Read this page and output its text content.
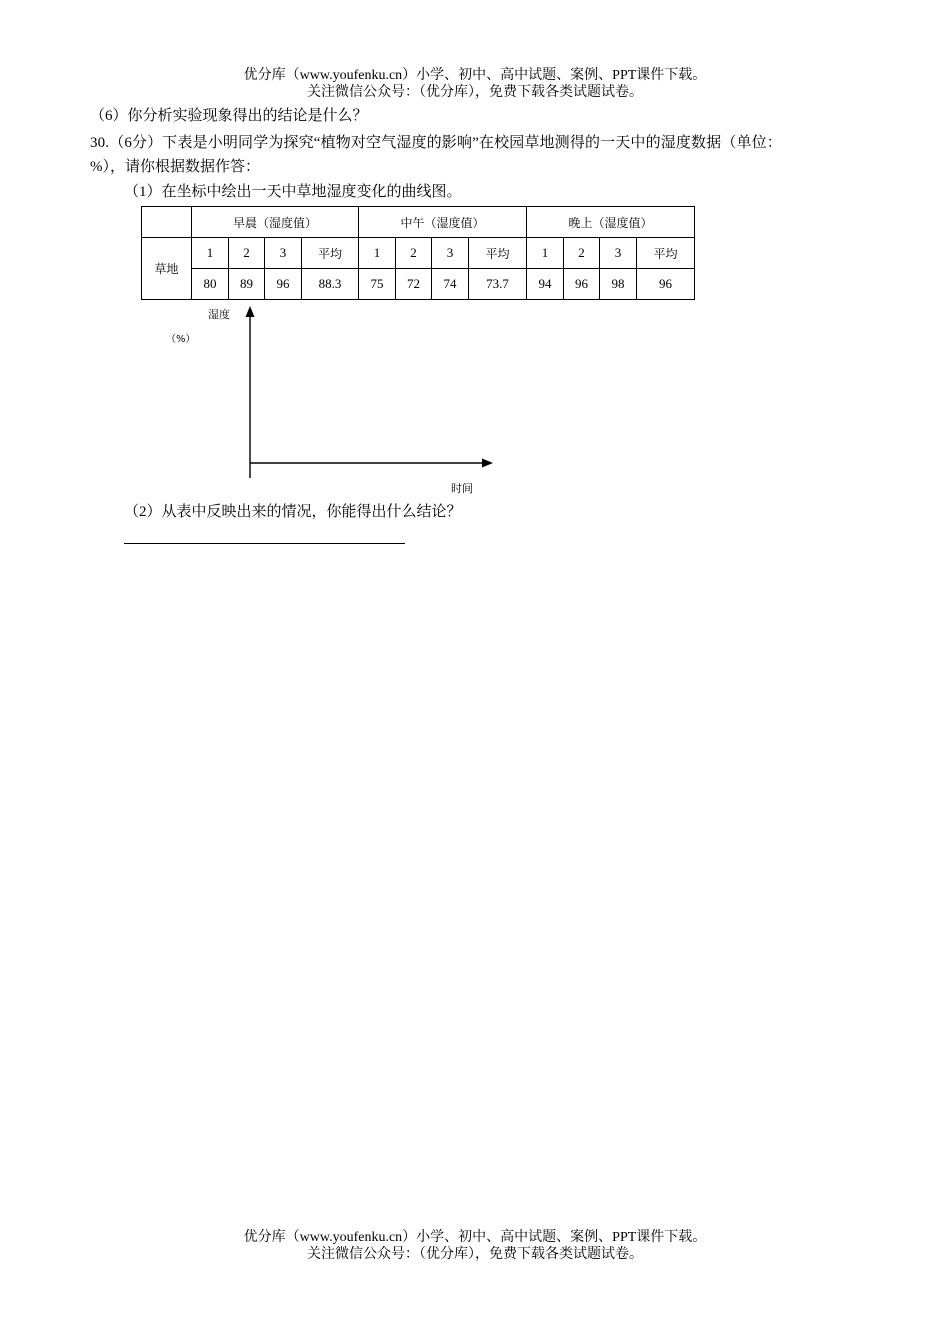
优分库（www.youfenku.cn）小学、初中、高中试题、案例、PPT课件下载。
关注微信公众号：（优分库），免费下载各类试题试卷。
（6）你分析实验现象得出的结论是什么？
30.（6分）下表是小明同学为探究“植物对空气湿度的影响”在校园草地测得的一天中的湿度数据（单位：
%），请你根据数据作答：
（1）在坐标中绘出一天中草地湿度变化的曲线图。
	早晨（湿度值）				中午（湿度值）				晚上（湿度值）			
草地	1	2	3	平均	1	2	3	平均	1	2	3	平均
	80	89	96	88.3	75	72	74	73.7	94	96	98	96
湿度
（%）
时间
（2）从表中反映出来的情况，你能得出什么结论？
优分库（www.youfenku.cn）小学、初中、高中试题、案例、PPT课件下载。
关注微信公众号：（优分库），免费下载各类试题试卷。
